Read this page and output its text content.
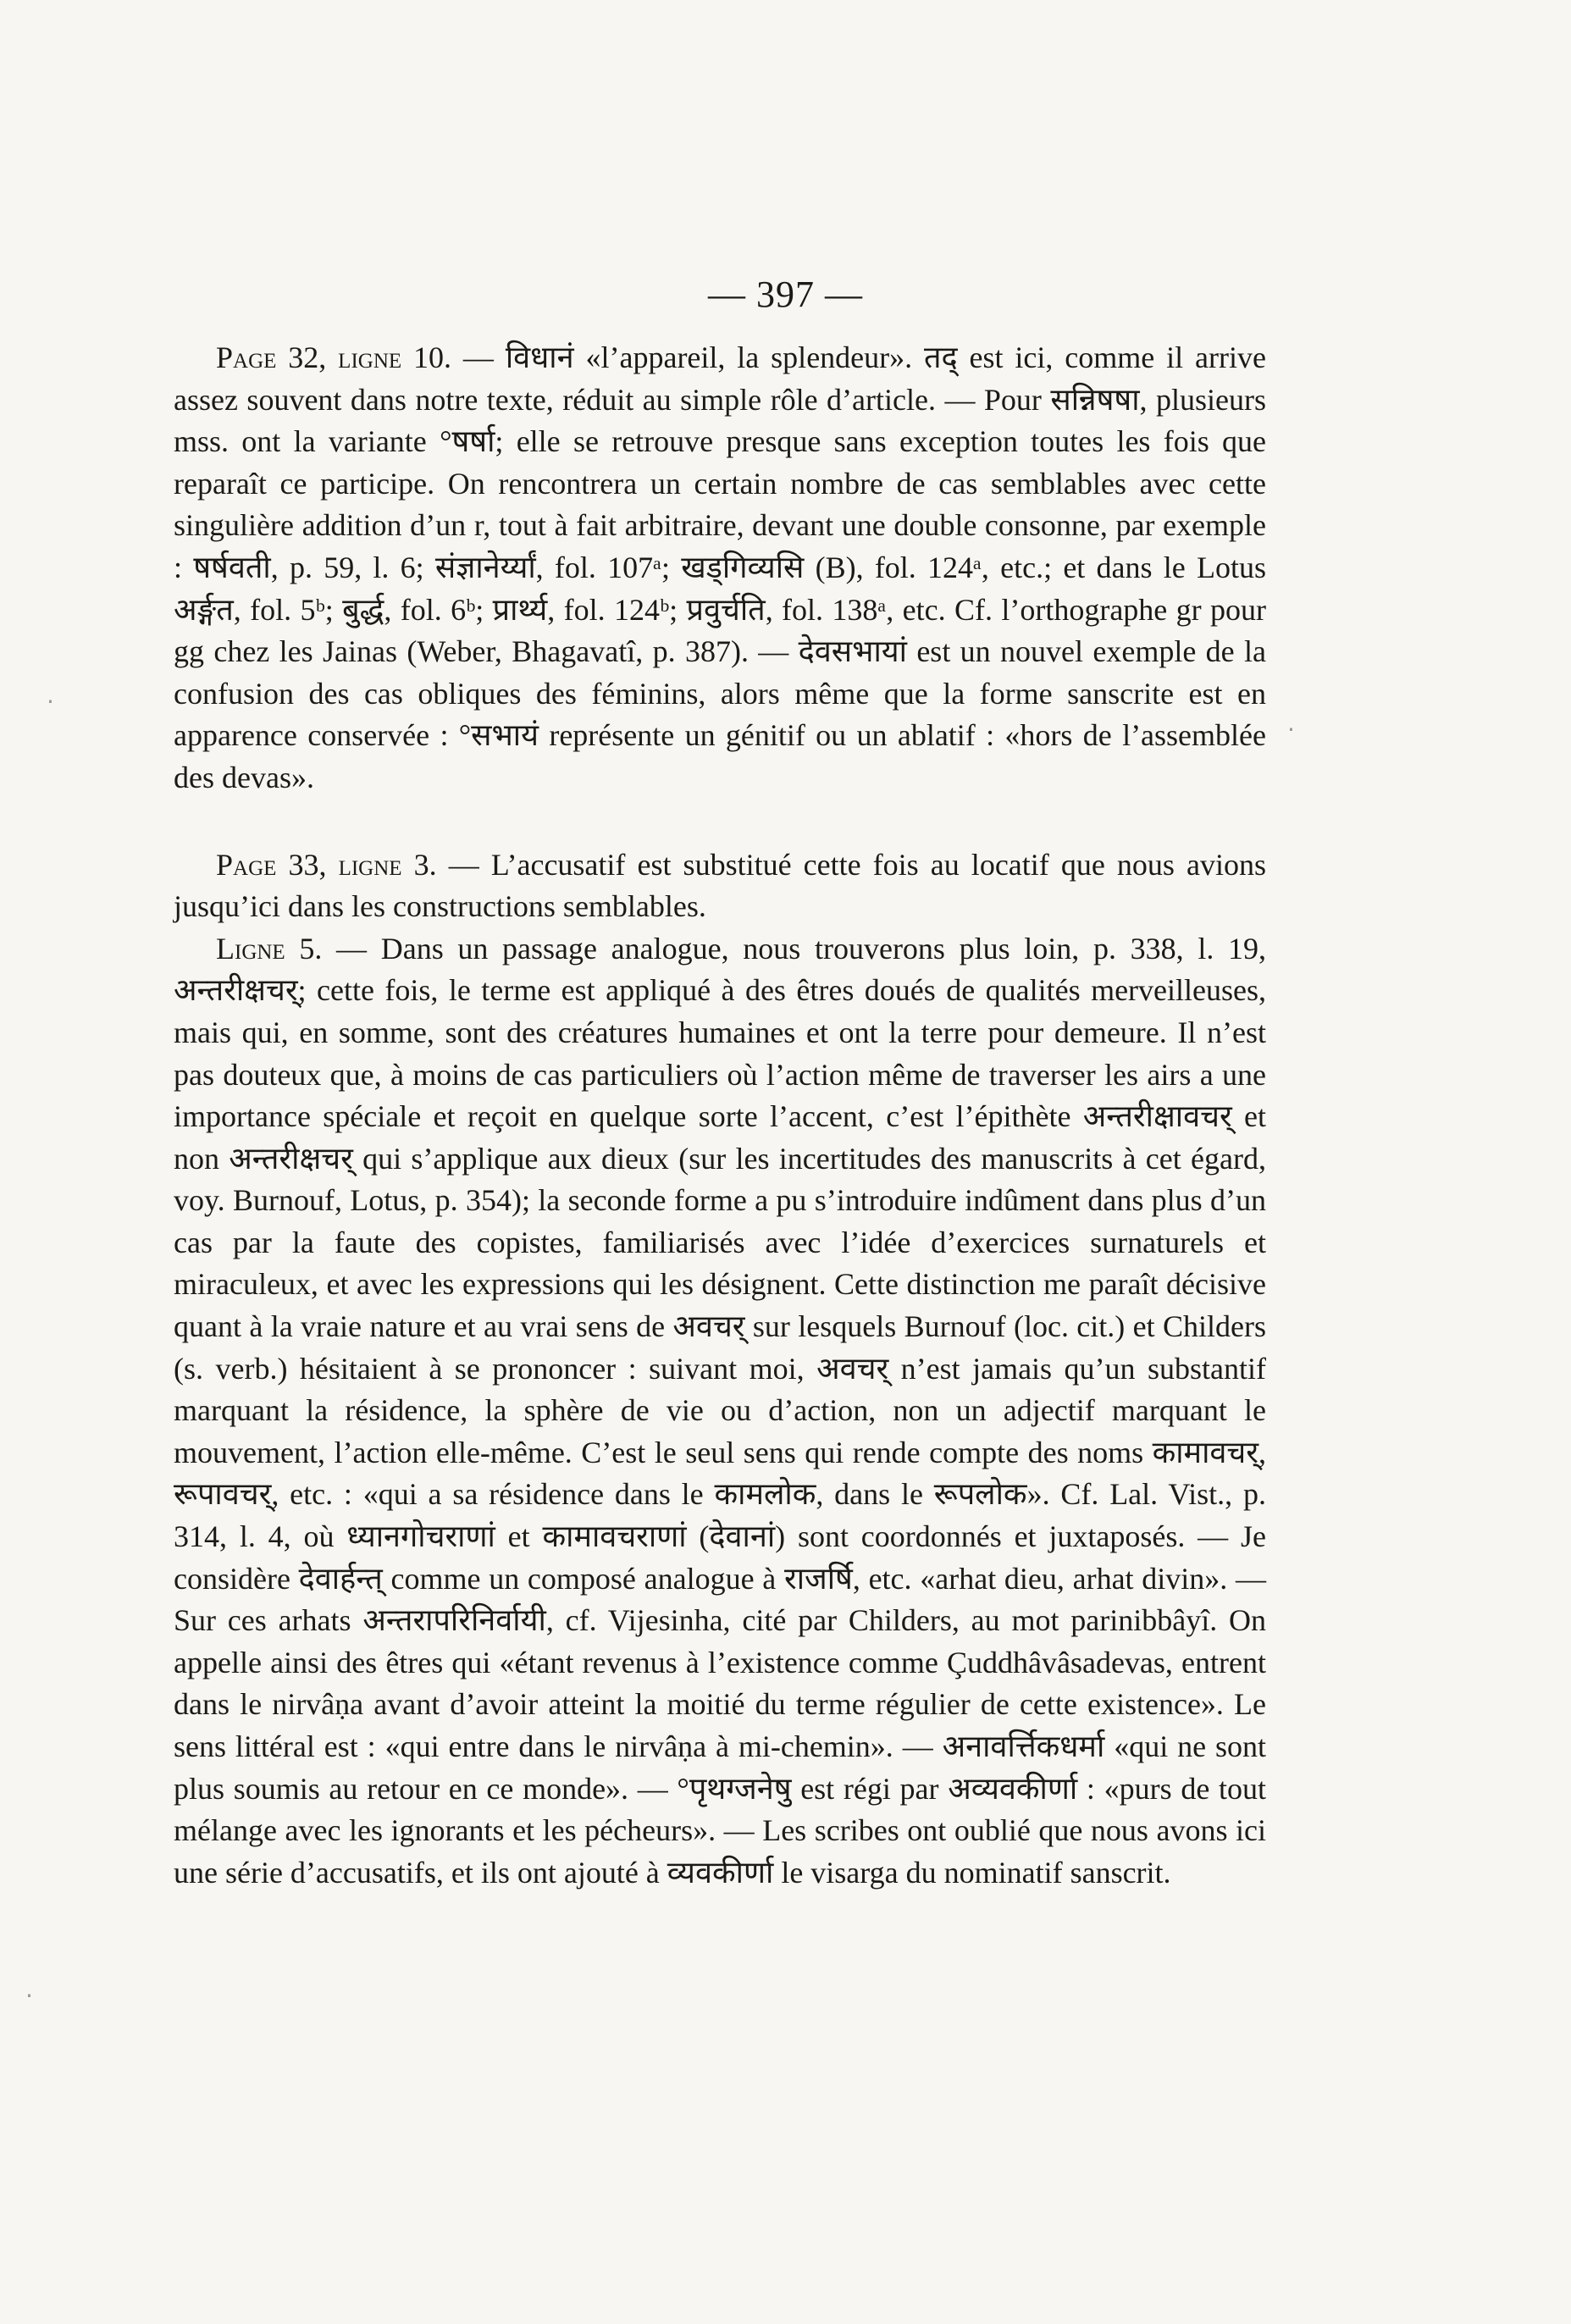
— 397 —

Page 32, ligne 10. — विधानं «l’appareil, la splendeur». तद् est ici, comme il arrive assez souvent dans notre texte, réduit au simple rôle d’article. — Pour सन्निषषा, plusieurs mss. ont la variante °षर्षा; elle se retrouve presque sans exception toutes les fois que reparaît ce participe. On rencontrera un certain nombre de cas semblables avec cette singulière addition d’un r, tout à fait arbitraire, devant une double consonne, par exemple : षर्षवती, p. 59, l. 6; संज्ञानेर्य्यां, fol. 107ᵃ; खड्गिव्यसि (B), fol. 124ᵃ, etc.; et dans le Lotus अर्ङ्गत, fol. 5ᵇ; बुर्द्ध, fol. 6ᵇ; प्रार्थ्य, fol. 124ᵇ; प्रवुर्चति, fol. 138ᵃ, etc. Cf. l’orthographe gr pour gg chez les Jainas (Weber, Bhagavatî, p. 387). — देवसभायां est un nouvel exemple de la confusion des cas obliques des féminins, alors même que la forme sanscrite est en apparence conservée : °सभायं représente un génitif ou un ablatif : «hors de l’assemblée des devas».

Page 33, ligne 3. — L’accusatif est substitué cette fois au locatif que nous avions jusqu’ici dans les constructions semblables.

Ligne 5. — Dans un passage analogue, nous trouverons plus loin, p. 338, l. 19, अन्तरीक्षचर्; cette fois, le terme est appliqué à des êtres doués de qualités merveilleuses, mais qui, en somme, sont des créatures humaines et ont la terre pour demeure. Il n’est pas douteux que, à moins de cas particuliers où l’action même de traverser les airs a une importance spéciale et reçoit en quelque sorte l’accent, c’est l’épithète अन्तरीक्षावचर् et non अन्तरीक्षचर् qui s’applique aux dieux (sur les incertitudes des manuscrits à cet égard, voy. Burnouf, Lotus, p. 354); la seconde forme a pu s’introduire indûment dans plus d’un cas par la faute des copistes, familiarisés avec l’idée d’exercices surnaturels et miraculeux, et avec les expressions qui les désignent. Cette distinction me paraît décisive quant à la vraie nature et au vrai sens de अवचर् sur lesquels Burnouf (loc. cit.) et Childers (s. verb.) hésitaient à se prononcer : suivant moi, अवचर् n’est jamais qu’un substantif marquant la résidence, la sphère de vie ou d’action, non un adjectif marquant le mouvement, l’action elle-même. C’est le seul sens qui rende compte des noms कामावचर्, रूपावचर्, etc. : «qui a sa résidence dans le कामलोक, dans le रूपलोक». Cf. Lal. Vist., p. 314, l. 4, où ध्यानगोचराणां et कामावचराणां (देवानां) sont coordonnés et juxtaposés. — Je considère देवार्हन्त् comme un composé analogue à राजर्षि, etc. «arhat dieu, arhat divin». — Sur ces arhats अन्तरापरिनिर्वायी, cf. Vijesinha, cité par Childers, au mot parinibbâyî. On appelle ainsi des êtres qui «étant revenus à l’existence comme Çuddhâvâsadevas, entrent dans le nirvâṇa avant d’avoir atteint la moitié du terme régulier de cette existence». Le sens littéral est : «qui entre dans le nirvâṇa à mi-chemin». — अनावर्त्तिकधर्मा «qui ne sont plus soumis au retour en ce monde». — °पृथग्जनेषु est régi par अव्यवकीर्णा : «purs de tout mélange avec les ignorants et les pécheurs». — Les scribes ont oublié que nous avons ici une série d’accusatifs, et ils ont ajouté à व्यवकीर्णा le visarga du nominatif sanscrit.

·
·
·
